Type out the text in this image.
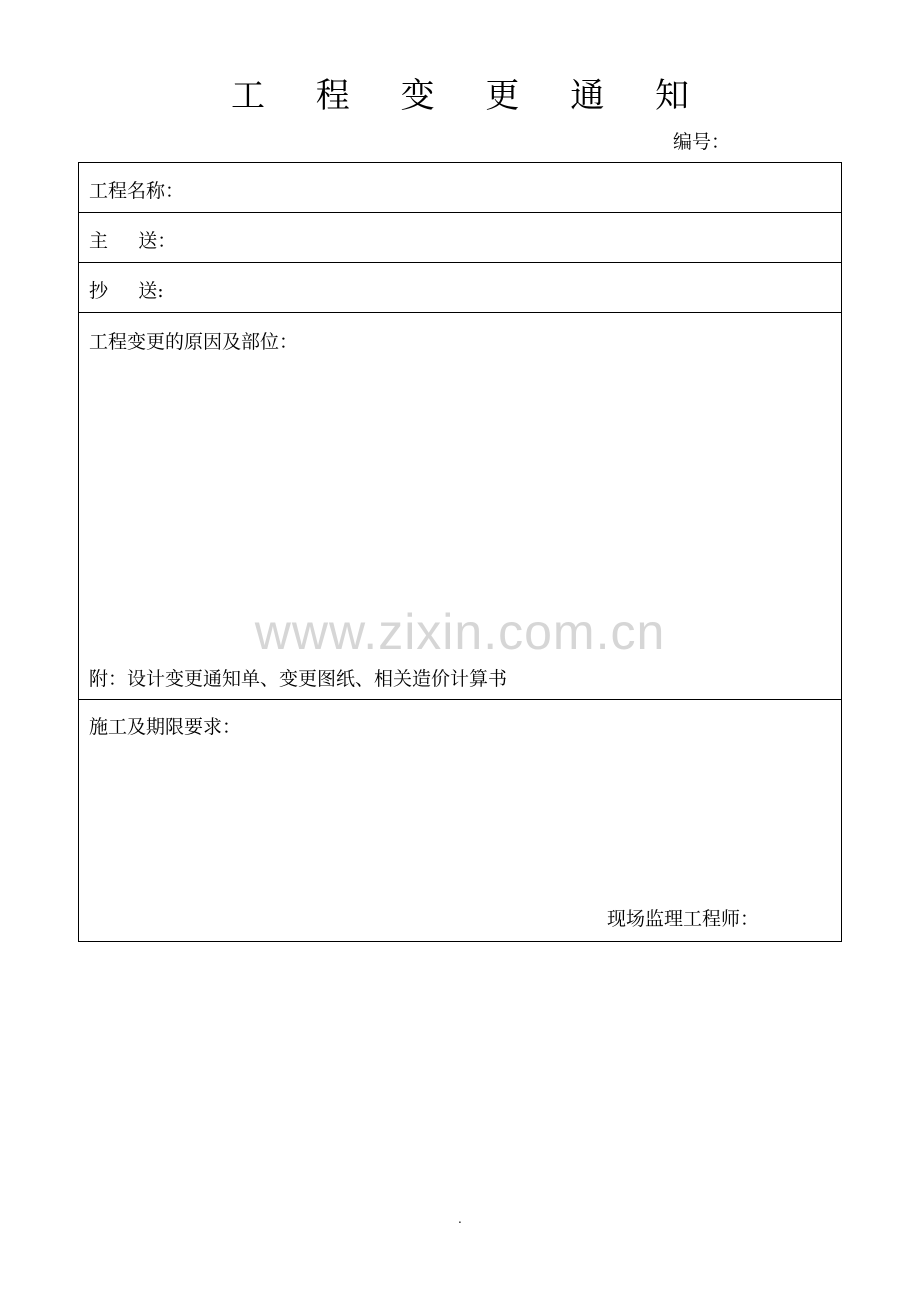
工 程 变 更 通 知
编号：
工程名称：
主     送：
抄     送:
工程变更的原因及部位：
附：设计变更通知单、变更图纸、相关造价计算书
施工及期限要求：
现场监理工程师：
www.zixin.com.cn
.
